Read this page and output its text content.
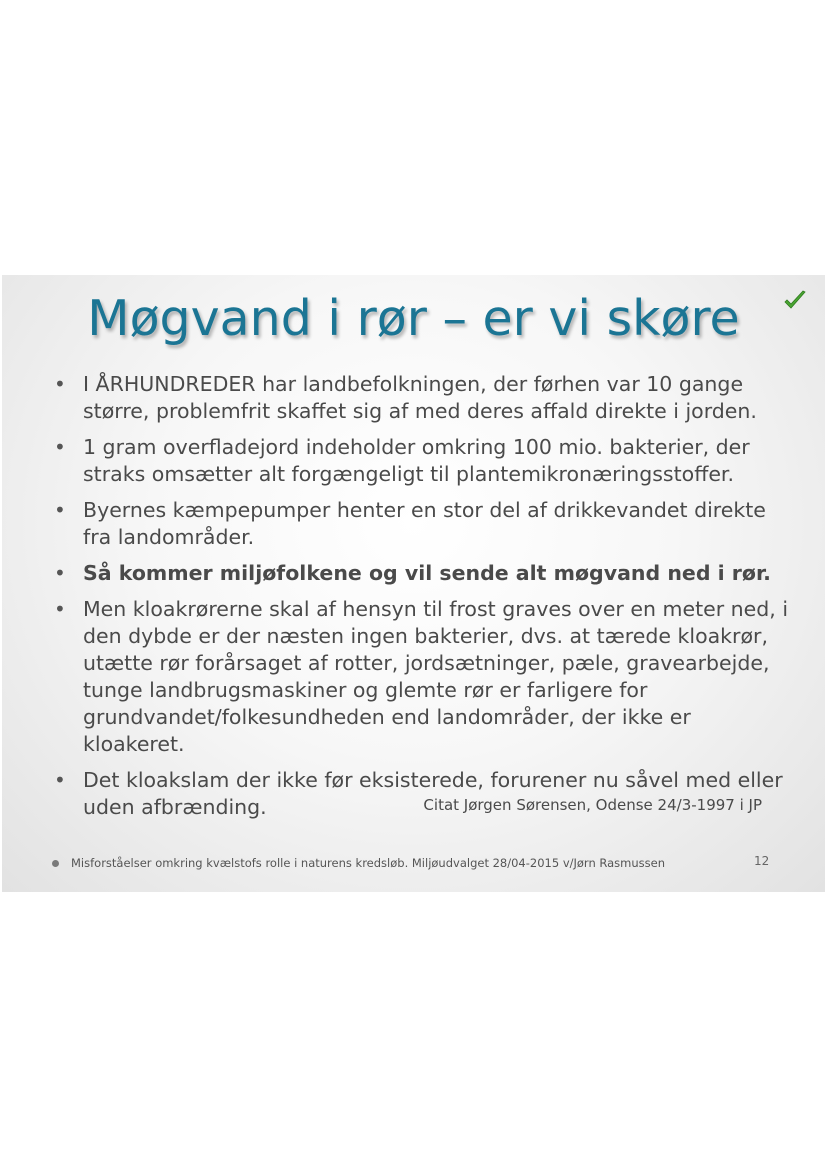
Møgvand i rør – er vi skøre
• I ÅRHUNDREDER har landbefolkningen, der førhen var 10 gange større, problemfrit skaffet sig af med deres affald direkte i jorden.
• 1 gram overfladejord indeholder omkring 100 mio. bakterier, der straks omsætter alt forgængeligt til plantemikronæringsstoffer.
• Byernes kæmpepumper henter en stor del af drikkevandet direkte fra landområder.
• Så kommer miljøfolkene og vil sende alt møgvand ned i rør.
• Men kloakrørerne skal af hensyn til frost graves over en meter ned, i den dybde er der næsten ingen bakterier, dvs. at tærede kloakrør, utætte rør forårsaget af rotter, jordsætninger, pæle, gravearbejde, tunge landbrugsmaskiner og glemte rør er farligere for grundvandet/folkesundheden end landområder, der ikke er kloakeret.
• Det kloakslam der ikke før eksisterede, forurener nu såvel med eller uden afbrænding.	Citat Jørgen Sørensen, Odense 24/3-1997 i JP
Misforståelser omkring kvælstofs rolle i naturens kredsløb. Miljøudvalget 28/04-2015 v/Jørn Rasmussen	12
